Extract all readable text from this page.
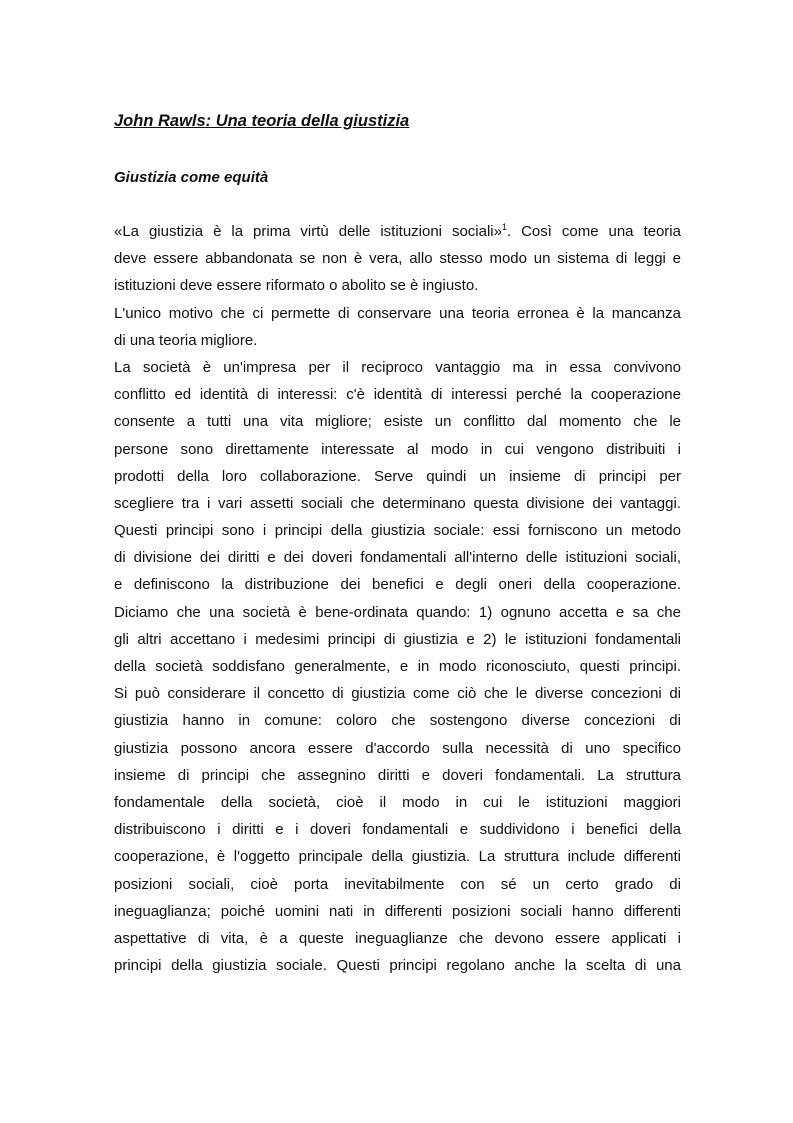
John Rawls: Una teoria della giustizia
Giustizia come equità
«La giustizia è la prima virtù delle istituzioni sociali»$^1$. Così come una teoria
deve essere abbandonata se non è vera, allo stesso modo un sistema di leggi e
istituzioni deve essere riformato o abolito se è ingiusto.
L'unico motivo che ci permette di conservare una teoria erronea è la mancanza
di una teoria migliore.
La società è un'impresa per il reciproco vantaggio ma in essa convivono
conflitto ed identità di interessi: c'è identità di interessi perché la cooperazione
consente a tutti una vita migliore; esiste un conflitto dal momento che le
persone sono direttamente interessate al modo in cui vengono distribuiti i
prodotti della loro collaborazione. Serve quindi un insieme di principi per
scegliere tra i vari assetti sociali che determinano questa divisione dei vantaggi.
Questi principi sono i principi della giustizia sociale: essi forniscono un metodo
di divisione dei diritti e dei doveri fondamentali all'interno delle istituzioni sociali,
e definiscono la distribuzione dei benefici e degli oneri della cooperazione.
Diciamo che una società è bene-ordinata quando: 1) ognuno accetta e sa che
gli altri accettano i medesimi principi di giustizia e 2) le istituzioni fondamentali
della società soddisfano generalmente, e in modo riconosciuto, questi principi.
Si può considerare il concetto di giustizia come ciò che le diverse concezioni di
giustizia hanno in comune: coloro che sostengono diverse concezioni di
giustizia possono ancora essere d'accordo sulla necessità di uno specifico
insieme di principi che assegnino diritti e doveri fondamentali. La struttura
fondamentale della società, cioè il modo in cui le istituzioni maggiori
distribuiscono i diritti e i doveri fondamentali e suddividono i benefici della
cooperazione, è l'oggetto principale della giustizia. La struttura include differenti
posizioni sociali, cioè porta inevitabilmente con sé un certo grado di
ineguaglianza; poiché uomini nati in differenti posizioni sociali hanno differenti
aspettative di vita, è a queste ineguaglianze che devono essere applicati i
principi della giustizia sociale. Questi principi regolano anche la scelta di una
